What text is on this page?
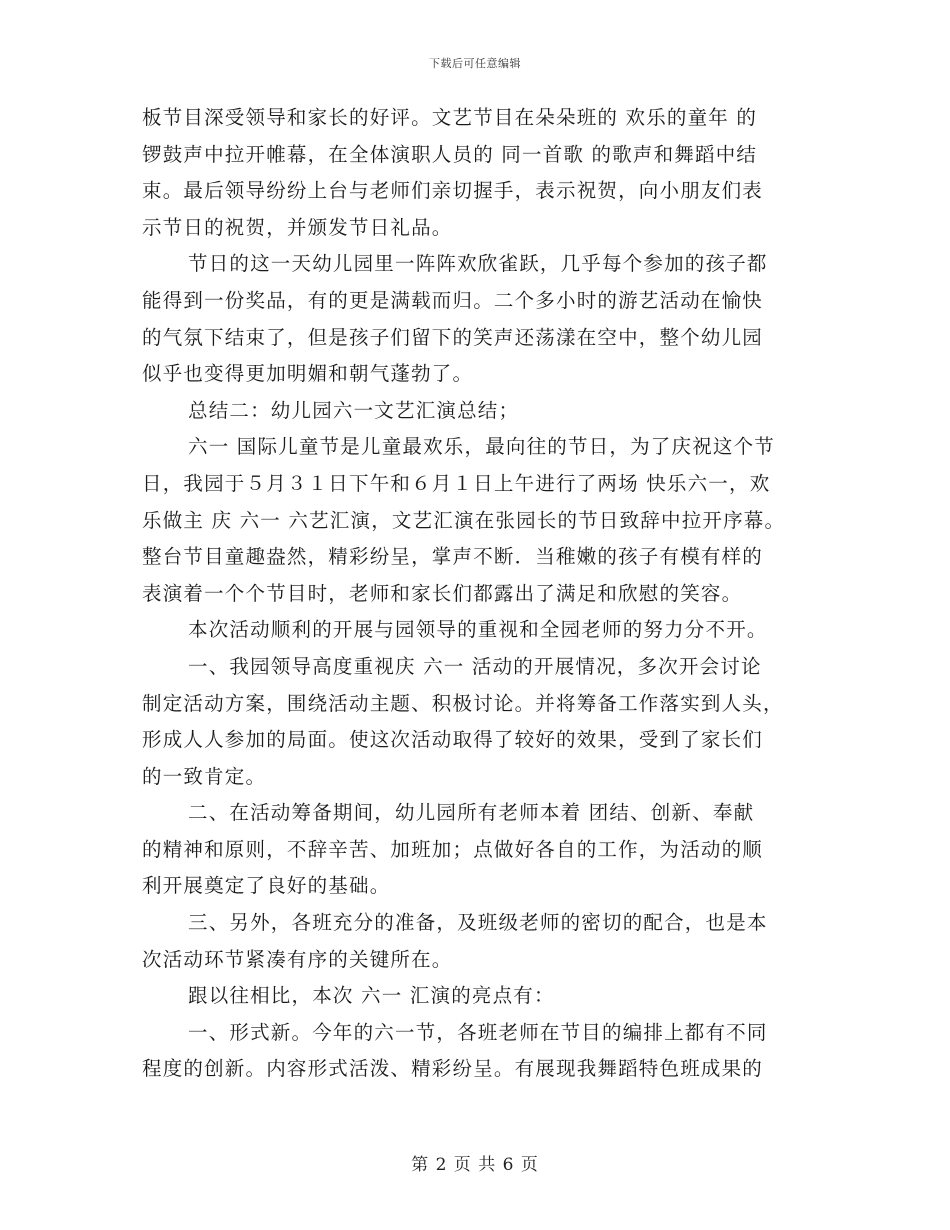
下载后可任意编辑
板节目深受领导和家长的好评。文艺节目在朵朵班的 欢乐的童年 的
锣鼓声中拉开帷幕，在全体演职人员的 同一首歌 的歌声和舞蹈中结
束。最后领导纷纷上台与老师们亲切握手，表示祝贺，向小朋友们表
示节日的祝贺，并颁发节日礼品。
节日的这一天幼儿园里一阵阵欢欣雀跃，几乎每个参加的孩子都
能得到一份奖品，有的更是满载而归。二个多小时的游艺活动在愉快
的气氛下结束了，但是孩子们留下的笑声还荡漾在空中，整个幼儿园
似乎也变得更加明媚和朝气蓬勃了。
总结二：幼儿园六一文艺汇演总结；
六一 国际儿童节是儿童最欢乐，最向往的节日，为了庆祝这个节
日，我园于５月３１日下午和６月１日上午进行了两场 快乐六一，欢
乐做主 庆 六一 六艺汇演，文艺汇演在张园长的节日致辞中拉开序幕。
整台节目童趣盎然，精彩纷呈，掌声不断．当稚嫩的孩子有模有样的
表演着一个个节目时，老师和家长们都露出了满足和欣慰的笑容。
本次活动顺利的开展与园领导的重视和全园老师的努力分不开。
一、我园领导高度重视庆 六一 活动的开展情况，多次开会讨论
制定活动方案，围绕活动主题、积极讨论。并将筹备工作落实到人头，
形成人人参加的局面。使这次活动取得了较好的效果，受到了家长们
的一致肯定。
二、在活动筹备期间，幼儿园所有老师本着 团结、创新、奉献
的精神和原则，不辞辛苦、加班加；点做好各自的工作，为活动的顺
利开展奠定了良好的基础。
三、另外，各班充分的准备，及班级老师的密切的配合，也是本
次活动环节紧凑有序的关键所在。
跟以往相比，本次 六一 汇演的亮点有：
一、形式新。今年的六一节，各班老师在节目的编排上都有不同
程度的创新。内容形式活泼、精彩纷呈。有展现我舞蹈特色班成果的
第 2 页 共 6 页
